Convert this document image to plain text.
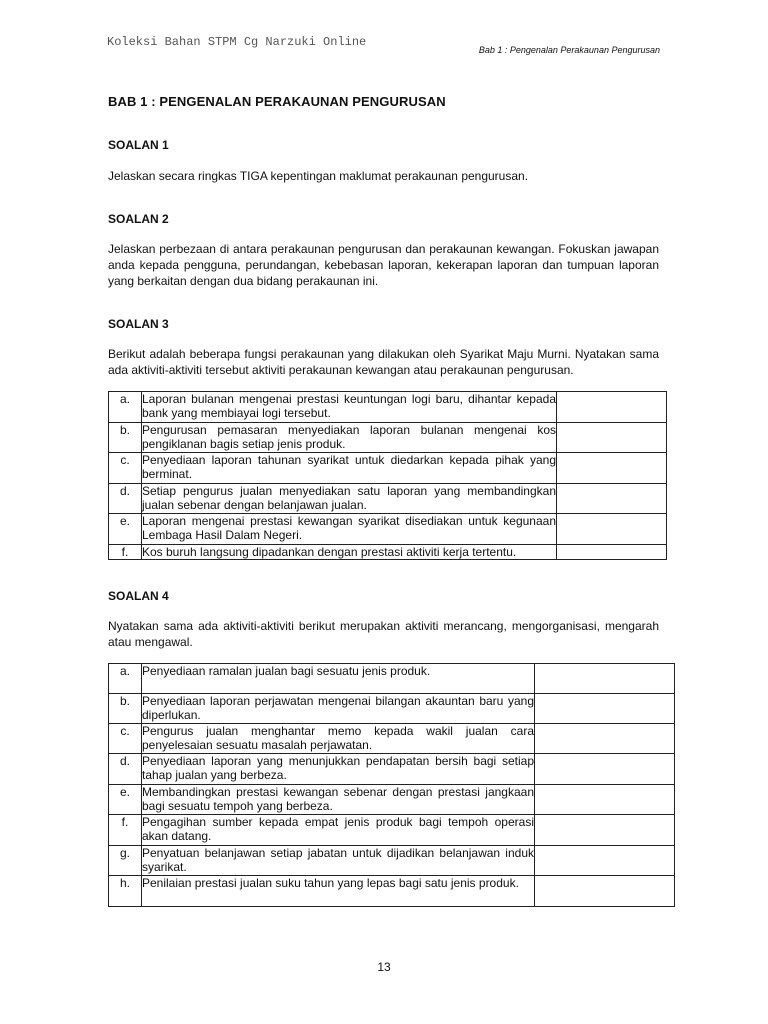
Koleksi Bahan STPM Cg Narzuki Online
Bab 1 : Pengenalan Perakaunan Pengurusan
BAB 1 : PENGENALAN PERAKAUNAN PENGURUSAN
SOALAN 1

Jelaskan secara ringkas TIGA kepentingan maklumat perakaunan pengurusan.

SOALAN 2

Jelaskan perbezaan di antara perakaunan pengurusan dan perakaunan kewangan. Fokuskan jawapan anda kepada pengguna, perundangan, kebebasan laporan, kekerapan laporan dan tumpuan laporan yang berkaitan dengan dua bidang perakaunan ini.

SOALAN 3

Berikut adalah beberapa fungsi perakaunan yang dilakukan oleh Syarikat Maju Murni. Nyatakan sama ada aktiviti-aktiviti tersebut aktiviti perakaunan kewangan atau perakaunan pengurusan.

a.	Laporan bulanan mengenai prestasi keuntungan logi baru, dihantar kepada bank yang membiayai logi tersebut.	
b.	Pengurusan pemasaran menyediakan laporan bulanan mengenai kos pengiklanan bagis setiap jenis produk.	
c.	Penyediaan laporan tahunan syarikat untuk diedarkan kepada pihak yang berminat.	
d.	Setiap pengurus jualan menyediakan satu laporan yang membandingkan jualan sebenar dengan belanjawan jualan.	
e.	Laporan mengenai prestasi kewangan syarikat disediakan untuk kegunaan Lembaga Hasil Dalam Negeri.	
f.	Kos buruh langsung dipadankan dengan prestasi aktiviti kerja tertentu.	
SOALAN 4

Nyatakan sama ada aktiviti-aktiviti berikut merupakan aktiviti merancang, mengorganisasi, mengarah atau mengawal.

a.	Penyediaan ramalan jualan bagi sesuatu jenis produk.	
b.	Penyediaan laporan perjawatan mengenai bilangan akauntan baru yang diperlukan.	
c.	Pengurus jualan menghantar memo kepada wakil jualan cara penyelesaian sesuatu masalah perjawatan.	
d.	Penyediaan laporan yang menunjukkan pendapatan bersih bagi setiap tahap jualan yang berbeza.	
e.	Membandingkan prestasi kewangan sebenar dengan prestasi jangkaan bagi sesuatu tempoh yang berbeza.	
f.	Pengagihan sumber kepada empat jenis produk bagi tempoh operasi akan datang.	
g.	Penyatuan belanjawan setiap jabatan untuk dijadikan belanjawan induk syarikat.	
h.	Penilaian prestasi jualan suku tahun yang lepas bagi satu jenis produk.	
13
